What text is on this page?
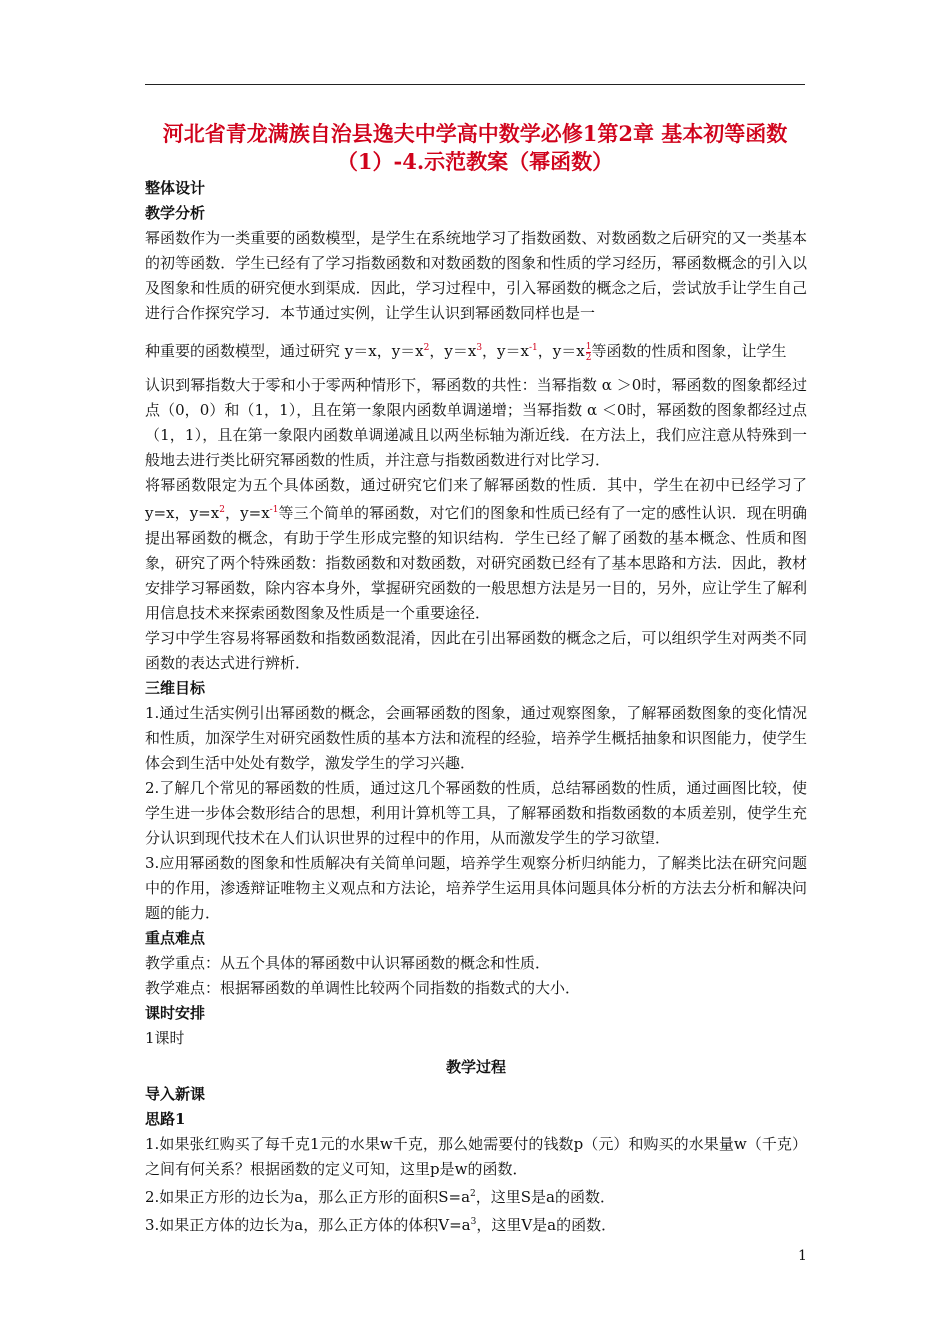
河北省青龙满族自治县逸夫中学高中数学必修1第2章 基本初等函数（1）-4.示范教案（幂函数）

整体设计

教学分析

幂函数作为一类重要的函数模型，是学生在系统地学习了指数函数、对数函数之后研究的又一类基本的初等函数．学生已经有了学习指数函数和对数函数的图象和性质的学习经历，幂函数概念的引入以及图象和性质的研究便水到渠成．因此，学习过程中，引入幂函数的概念之后，尝试放手让学生自己进行合作探究学习．本节通过实例，让学生认识到幂函数同样也是一

种重要的函数模型，通过研究 y＝x，$y=x^2$，$y=x^3$，$y=x^{-1}$，$y=x \frac{1}{2}$ 等函数的性质和图象，让学生

认识到幂指数大于零和小于零两种情形下，幂函数的共性：当幂指数 α ＞0时，幂函数的图象都经过点（0，0）和（1，1），且在第一象限内函数单调递增；当幂指数 α ＜0时，幂函数的图象都经过点（1，1），且在第一象限内函数单调递减且以两坐标轴为渐近线．在方法上，我们应注意从特殊到一般地去进行类比研究幂函数的性质，并注意与指数函数进行对比学习．

将幂函数限定为五个具体函数，通过研究它们来了解幂函数的性质．其中，学生在初中已经学习了 y=x，$y=x^2$，$y=x^{-1}$等三个简单的幂函数，对它们的图象和性质已经有了一定的感性认识．现在明确提出幂函数的概念，有助于学生形成完整的知识结构．学生已经了解了函数的基本概念、性质和图象，研究了两个特殊函数：指数函数和对数函数，对研究函数已经有了基本思路和方法．因此，教材安排学习幂函数，除内容本身外，掌握研究函数的一般思想方法是另一目的，另外，应让学生了解利用信息技术来探索函数图象及性质是一个重要途径．

学习中学生容易将幂函数和指数函数混淆，因此在引出幂函数的概念之后，可以组织学生对两类不同函数的表达式进行辨析．

三维目标

1.通过生活实例引出幂函数的概念，会画幂函数的图象，通过观察图象，了解幂函数图象的变化情况和性质，加深学生对研究函数性质的基本方法和流程的经验，培养学生概括抽象和识图能力，使学生体会到生活中处处有数学，激发学生的学习兴趣．

2.了解几个常见的幂函数的性质，通过这几个幂函数的性质，总结幂函数的性质，通过画图比较，使学生进一步体会数形结合的思想，利用计算机等工具，了解幂函数和指数函数的本质差别，使学生充分认识到现代技术在人们认识世界的过程中的作用，从而激发学生的学习欲望．

3.应用幂函数的图象和性质解决有关简单问题，培养学生观察分析归纳能力，了解类比法在研究问题中的作用，渗透辩证唯物主义观点和方法论，培养学生运用具体问题具体分析的方法去分析和解决问题的能力．

重点难点

教学重点：从五个具体的幂函数中认识幂函数的概念和性质．

教学难点：根据幂函数的单调性比较两个同指数的指数式的大小．

课时安排

1课时

教学过程

导入新课

思路1

1.如果张红购买了每千克1元的水果w千克，那么她需要付的钱数p（元）和购买的水果量w（千克）之间有何关系？根据函数的定义可知，这里p是w的函数．

2.如果正方形的边长为a，那么正方形的面积$S=a^2$，这里S是a的函数．

3.如果正方体的边长为a，那么正方体的体积$V=a^3$，这里V是a的函数．

1
